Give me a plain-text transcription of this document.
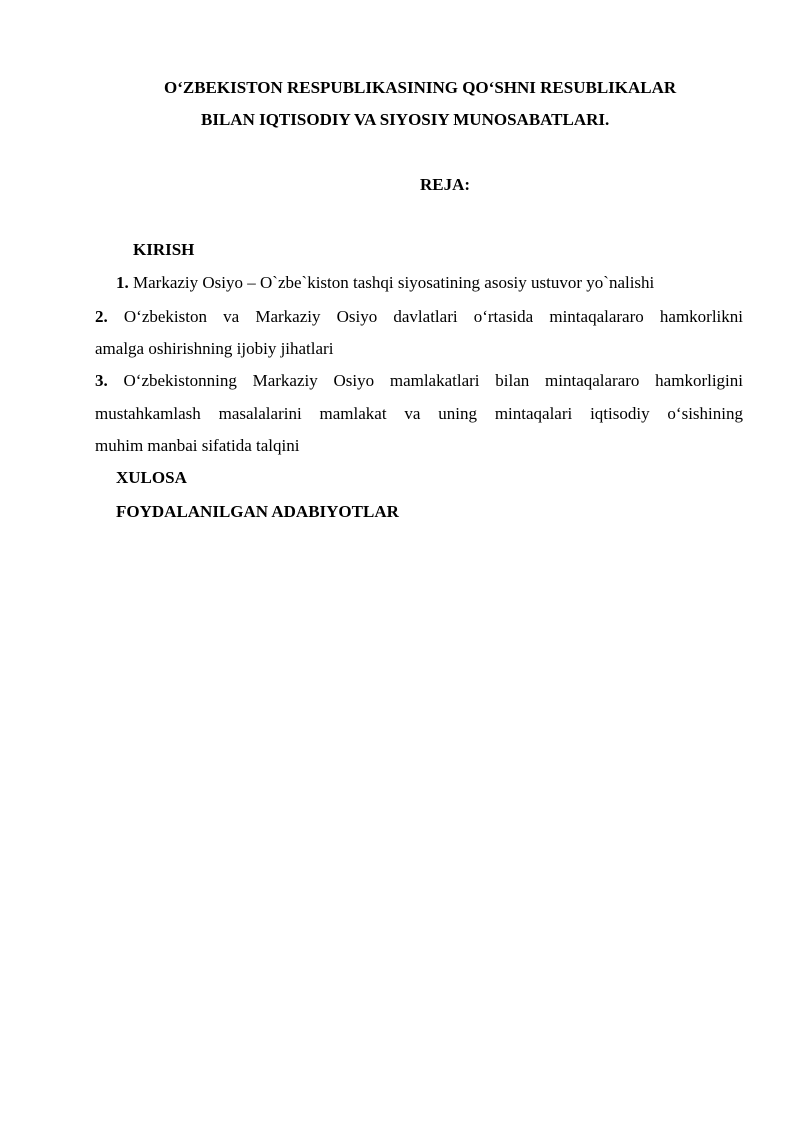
O‘ZBEKISTON RESPUBLIKASINING QO‘SHNI RESUBLIKALAR
BILAN IQTISODIY VA SIYOSIY MUNOSABATLARI.
REJA:
KIRISH
1. Markaziy Osiyo – O`zbe`kiston tashqi siyosatining asosiy ustuvor yo`nalishi
2. O‘zbekiston va Markaziy Osiyo davlatlari o‘rtasida mintaqalararo hamkorlikni
amalga oshirishning ijobiy jihatlari
3. O‘zbekistonning Markaziy Osiyo mamlakatlari bilan mintaqalararo hamkorligini
mustahkamlash masalalarini mamlakat va uning mintaqalari iqtisodiy o‘sishining
muhim manbai sifatida talqini
XULOSA
FOYDALANILGAN ADABIYOTLAR
